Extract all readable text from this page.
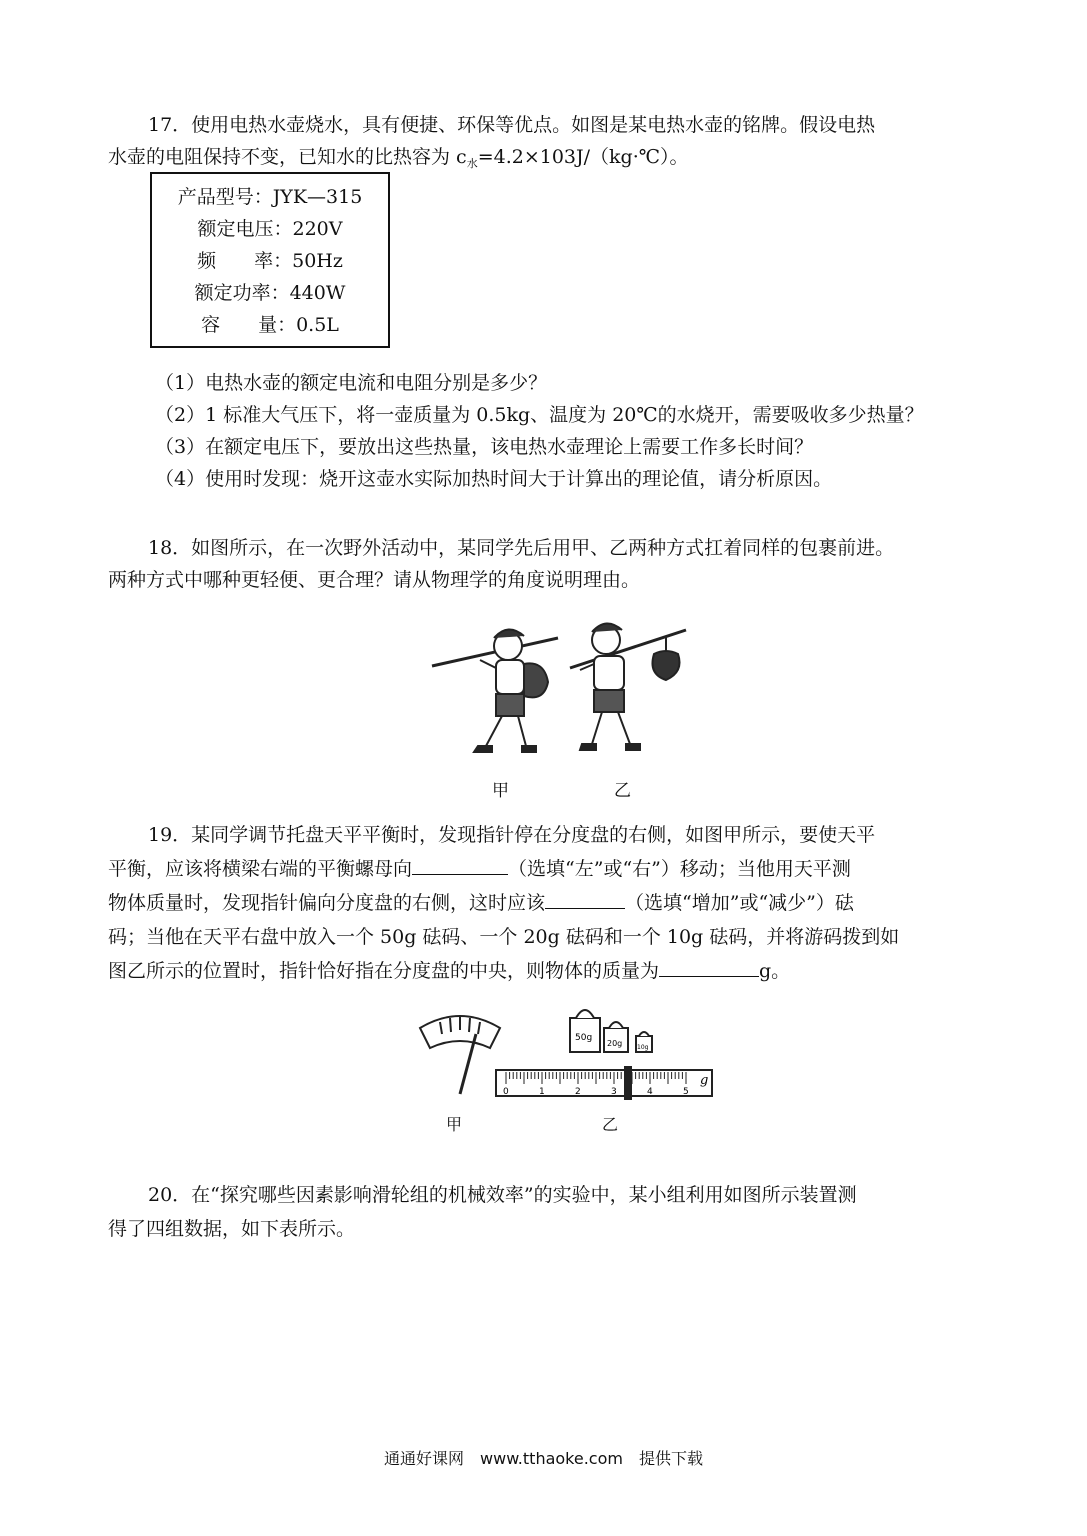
17．使用电热水壶烧水，具有便捷、环保等优点。如图是某电热水壶的铭牌。假设电热
水壶的电阻保持不变，已知水的比热容为 $c_水=4.2\times 103J/(kg\cdot℃)$。
产品型号：JYK—315
额定电压：220V
频　　率：50Hz
额定功率：440W
容　　量：0.5L
（1）电热水壶的额定电流和电阻分别是多少？
（2）1 标准大气压下，将一壶质量为 0.5kg、温度为 20℃的水烧开，需要吸收多少热量？
（3）在额定电压下，要放出这些热量，该电热水壶理论上需要工作多长时间？
（4）使用时发现：烧开这壶水实际加热时间大于计算出的理论值，请分析原因。
18．如图所示，在一次野外活动中，某同学先后用甲、乙两种方式扛着同样的包裹前进。
两种方式中哪种更轻便、更合理？请从物理学的角度说明理由。
甲	乙
19．某同学调节托盘天平平衡时，发现指针停在分度盘的右侧，如图甲所示，要使天平
平衡，应该将横梁右端的平衡螺母向	（选填“左”或“右”）移动；当他用天平测
物体质量时，发现指针偏向分度盘的右侧，这时应该	（选填“增加”或“减少”）砝
码；当他在天平右盘中放入一个 50g 砝码、一个 20g 砝码和一个 10g 砝码，并将游码拨到如
图乙所示的位置时，指针恰好指在分度盘的中央，则物体的质量为	g。
50g
20g 10g
g
0	1	2	3	4	5
甲	乙
20．在“探究哪些因素影响滑轮组的机械效率”的实验中，某小组利用如图所示装置测
得了四组数据，如下表所示。
通通好课网　www.tthaoke.com　提供下载
